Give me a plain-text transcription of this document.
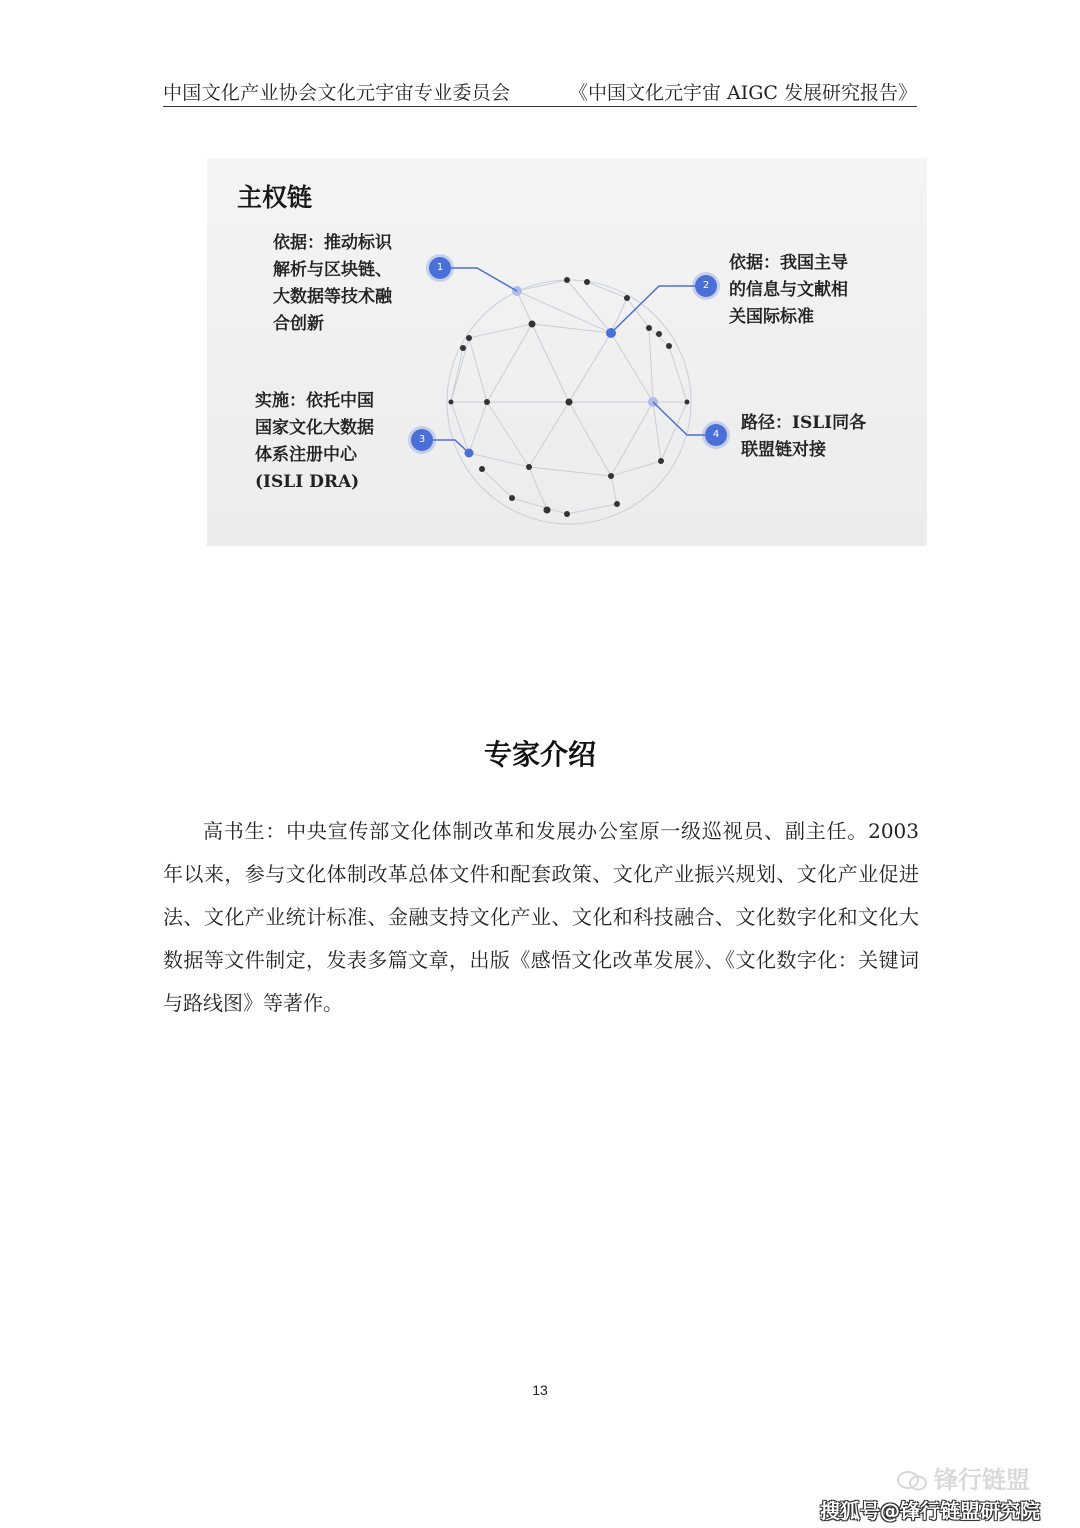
中国文化产业协会文化元宇宙专业委员会	《中国文化元宇宙 AIGC 发展研究报告》
主权链
依据：推动标识
解析与区块链、
大数据等技术融
合创新
依据：我国主导
的信息与文献相
关国际标准
实施：依托中国
国家文化大数据
体系注册中心
(ISLI DRA)
路径：ISLI同各
联盟链对接
1
2
3	4
专家介绍
高书生：中央宣传部文化体制改革和发展办公室原一级巡视员、副主任。2003 年以来，参与文化体制改革总体文件和配套政策、文化产业振兴规划、文化产业促进法、文化产业统计标准、金融支持文化产业、文化和科技融合、文化数字化和文化大数据等文件制定，发表多篇文章，出版《感悟文化改革发展》、《文化数字化：关键词与路线图》等著作。
13
锋行链盟
搜狐号@锋行链盟研究院
